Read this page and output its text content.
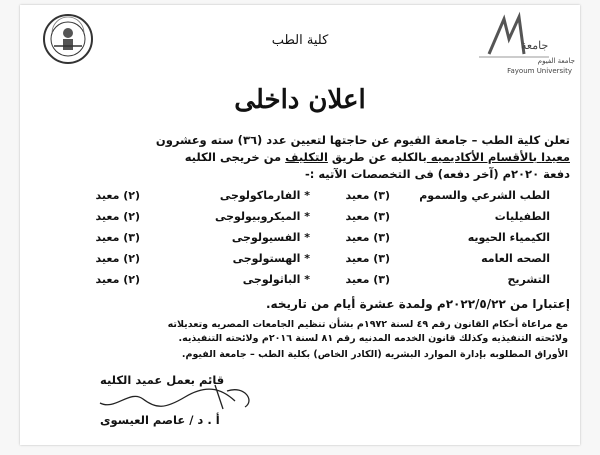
كلية الطب	جامعة
جامعة الفيوم
Fayoum University
اعلان داخلى
تعلن كلية الطب – جامعة الفيوم عن حاجتها لتعيين عدد (٣٦) سته وعشرون
معيدا بالأقسام الأكاديميه بالكليه عن طريق التكليف من خريجى الكليه
دفعة ٢٠٢٠م (آخر دفعه) فى التخصصات الآتيه :-
الطب الشرعي والسموم
(٣) معيد
* الفارماكولوجى
(٢) معيد
الطفيليات
(٣) معيد
* الميكروبيولوجى
(٢) معيد
الكيمياء الحيويه
(٣) معيد
* الفسيولوجى
(٣) معيد
الصحه العامه
(٣) معيد
* الهستولوجى
(٢) معيد
التشريح
(٣) معيد
* الباثولوجى
(٢) معيد
إعتبارا من ٢٠٢٢/٥/٢٢م ولمدة عشرة أيام من تاريخه.
مع مراعاة أحكام القانون رقم ٤٩ لسنة ١٩٧٢م بشأن تنظيم الجامعات المصريه وتعديلاته
ولائحته التنفيذيه وكذلك قانون الخدمه المدنيه رقم ٨١ لسنة ٢٠١٦م ولائحته التنفيذيه.
الأوراق المطلوبه بإدارة الموارد البشريه (الكادر الخاص) بكلية الطب – جامعة الفيوم.
قائم بعمل عميد الكليه
أ . د / عاصم العيسوى
